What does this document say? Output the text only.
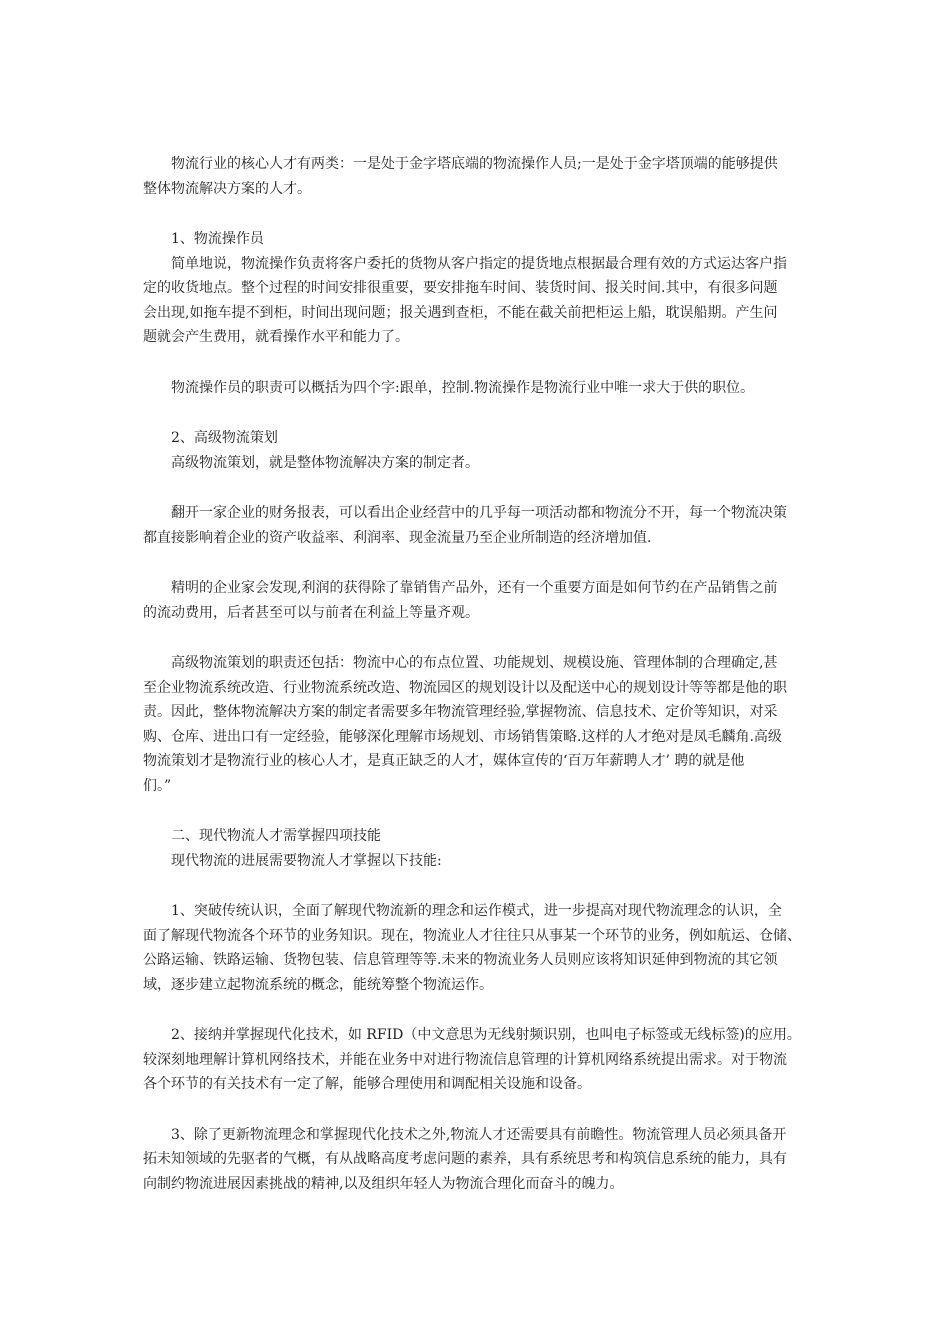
物流行业的核心人才有两类：一是处于金字塔底端的物流操作人员;一是处于金字塔顶端的能够提供
整体物流解决方案的人才。
1、物流操作员
简单地说，物流操作负责将客户委托的货物从客户指定的提货地点根据最合理有效的方式运达客户指
定的收货地点。整个过程的时间安排很重要，要安排拖车时间、装货时间、报关时间.其中，有很多问题
会出现,如拖车提不到柜，时间出现问题；报关遇到查柜，不能在截关前把柜运上船，耽误船期。产生问
题就会产生费用，就看操作水平和能力了。
物流操作员的职责可以概括为四个字:跟单，控制.物流操作是物流行业中唯一求大于供的职位。
2、高级物流策划
高级物流策划，就是整体物流解决方案的制定者。
翻开一家企业的财务报表，可以看出企业经营中的几乎每一项活动都和物流分不开，每一个物流决策
都直接影响着企业的资产收益率、利润率、现金流量乃至企业所制造的经济增加值.
精明的企业家会发现,利润的获得除了靠销售产品外，还有一个重要方面是如何节约在产品销售之前
的流动费用，后者甚至可以与前者在利益上等量齐观。
高级物流策划的职责还包括：物流中心的布点位置、功能规划、规模设施、管理体制的合理确定,甚
至企业物流系统改造、行业物流系统改造、物流园区的规划设计以及配送中心的规划设计等等都是他的职
责。因此，整体物流解决方案的制定者需要多年物流管理经验,掌握物流、信息技术、定价等知识，对采
购、仓库、进出口有一定经验，能够深化理解市场规划、市场销售策略.这样的人才绝对是凤毛麟角.高级
物流策划才是物流行业的核心人才，是真正缺乏的人才，媒体宣传的‘百万年薪聘人才’ 聘的就是他
们。”
二、现代物流人才需掌握四项技能
现代物流的进展需要物流人才掌握以下技能:
1、突破传统认识，全面了解现代物流新的理念和运作模式，进一步提高对现代物流理念的认识，全
面了解现代物流各个环节的业务知识。现在，物流业人才往往只从事某一个环节的业务，例如航运、仓储、
公路运输、铁路运输、货物包装、信息管理等等.未来的物流业务人员则应该将知识延伸到物流的其它领
域，逐步建立起物流系统的概念，能统筹整个物流运作。
2、接纳并掌握现代化技术，如 RFID（中文意思为无线射频识别，也叫电子标签或无线标签)的应用。
较深刻地理解计算机网络技术，并能在业务中对进行物流信息管理的计算机网络系统提出需求。对于物流
各个环节的有关技术有一定了解，能够合理使用和调配相关设施和设备。
3、除了更新物流理念和掌握现代化技术之外,物流人才还需要具有前瞻性。物流管理人员必须具备开
拓未知领域的先驱者的气概，有从战略高度考虑问题的素养，具有系统思考和构筑信息系统的能力，具有
向制约物流进展因素挑战的精神,以及组织年轻人为物流合理化而奋斗的魄力。
